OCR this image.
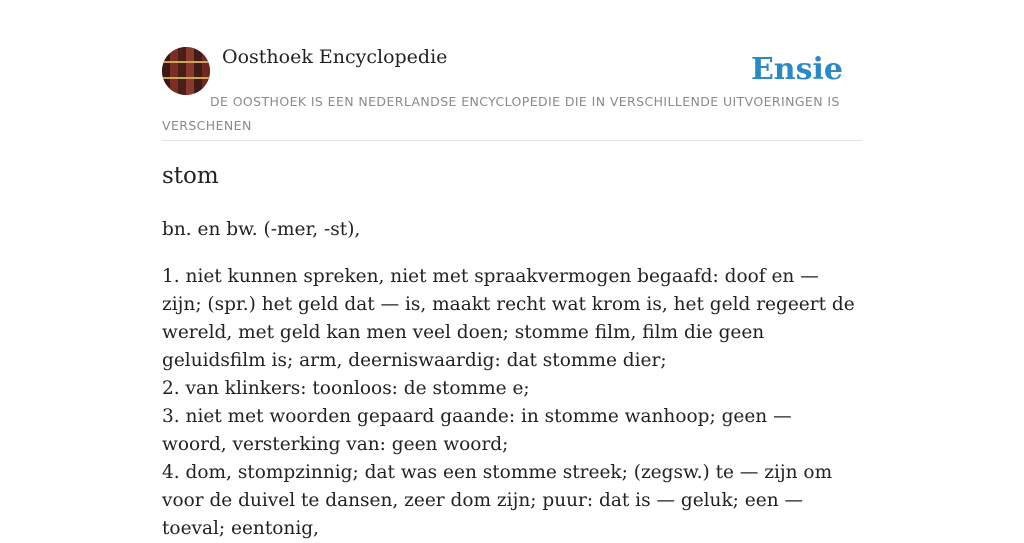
Oosthoek Encyclopedie	Ensie
DE OOSTHOEK IS EEN NEDERLANDSE ENCYCLOPEDIE DIE IN VERSCHILLENDE UITVOERINGEN IS VERSCHENEN
stom
bn. en bw. (-mer, -st),
1. niet kunnen spreken, niet met spraakvermogen begaafd: doof en — zijn; (spr.) het geld dat — is, maakt recht wat krom is, het geld regeert de wereld, met geld kan men veel doen; stomme film, film die geen geluidsfilm is; arm, deerniswaardig: dat stomme dier;
2. van klinkers: toonloos: de stomme e;
3. niet met woorden gepaard gaande: in stomme wanhoop; geen — woord, versterking van: geen woord;
4. dom, stompzinnig; dat was een stomme streek; (zegsw.) te — zijn om voor de duivel te dansen, zeer dom zijn; puur: dat is — geluk; een — toeval; eentonig,
